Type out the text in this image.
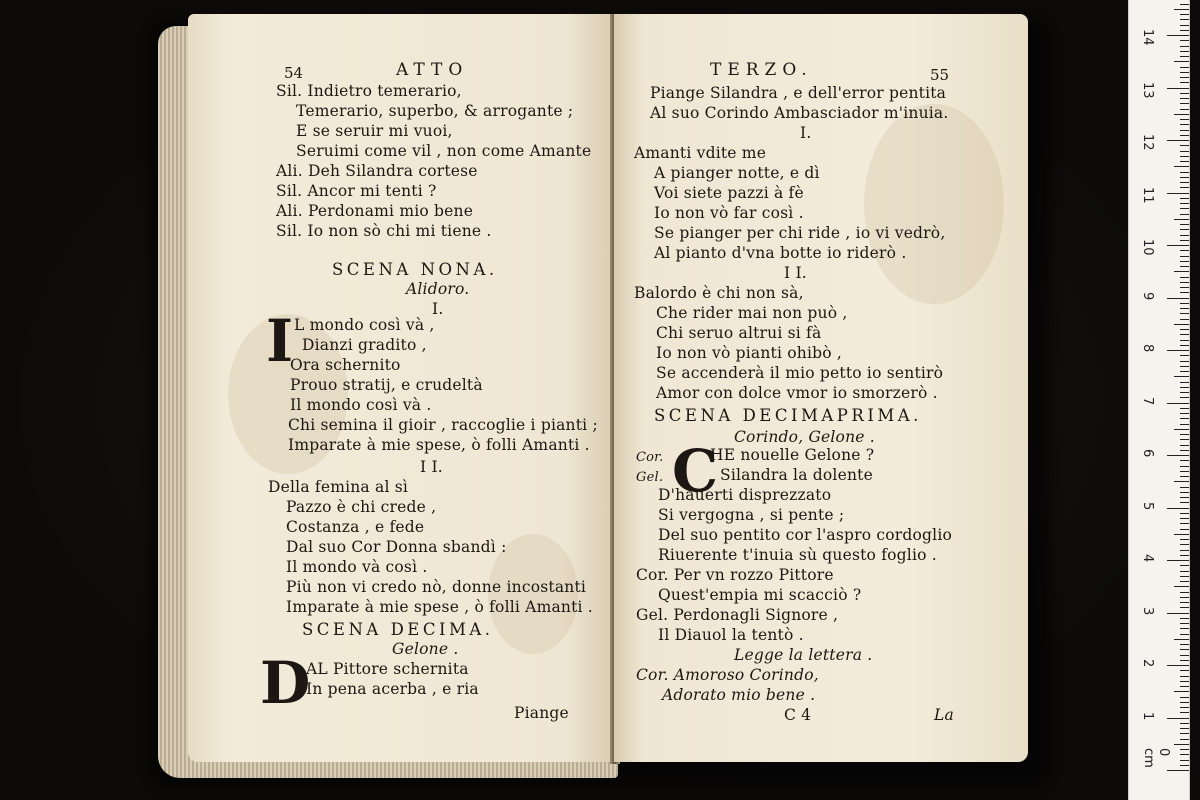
54	ATTO
Sil. Indietro temerario,
Temerario, superbo, & arrogante ;
E se seruir mi vuoi,
Seruimi come vil , non come Amante
Ali. Deh Silandra cortese
Sil. Ancor mi tenti ?
Ali. Perdonami mio bene
Sil. Io non sò chi mi tiene .
SCENA NONA.
Alidoro.
I.
I L mondo così và ,
Dianzi gradito ,
Ora schernito
Prouo stratij, e crudeltà
Il mondo così và .
Chi semina il gioir , raccoglie i pianti ;
Imparate à mie spese, ò folli Amanti .
I I.
Della femina al sì
Pazzo è chi crede ,
Costanza , e fede
Dal suo Cor Donna sbandì :
Il mondo và così .
Più non vi credo nò, donne incostanti
Imparate à mie spese , ò folli Amanti .
SCENA DECIMA.
Gelone .
D
AL Pittore schernita
In pena acerba , e ria
Piange
TERZO.	55
Piange Silandra , e dell'error pentita
Al suo Corindo Ambasciador m'inuia.
I.
Amanti vdite me
A pianger notte, e dì
Voi siete pazzi à fè
Io non vò far così .
Se pianger per chi ride , io vi vedrò,
Al pianto d'vna botte io riderò .
I I.
Balordo è chi non sà,
Che rider mai non può ,
Chi seruo altrui si fà
Io non vò pianti ohibò ,
Se accenderà il mio petto io sentirò
Amor con dolce vmor io smorzerò .
SCENA DECIMAPRIMA.
Corindo, Gelone .
Cor.
Gel. C
HE nouelle Gelone ?
Silandra la dolente
D'hauerti disprezzato
Si vergogna , si pente ;
Del suo pentito cor l'aspro cordoglio
Riuerente t'inuia sù questo foglio .
Cor. Per vn rozzo Pittore
Quest'empia mi scacciò ?
Gel. Perdonagli Signore ,
Il Diauol la tentò .
Legge la lettera .
Cor. Amoroso Corindo,
Adorato mio bene .
C 4	La
0 cm
1
2
3
4
5
6
7
8
9
10
11
12
13
14
